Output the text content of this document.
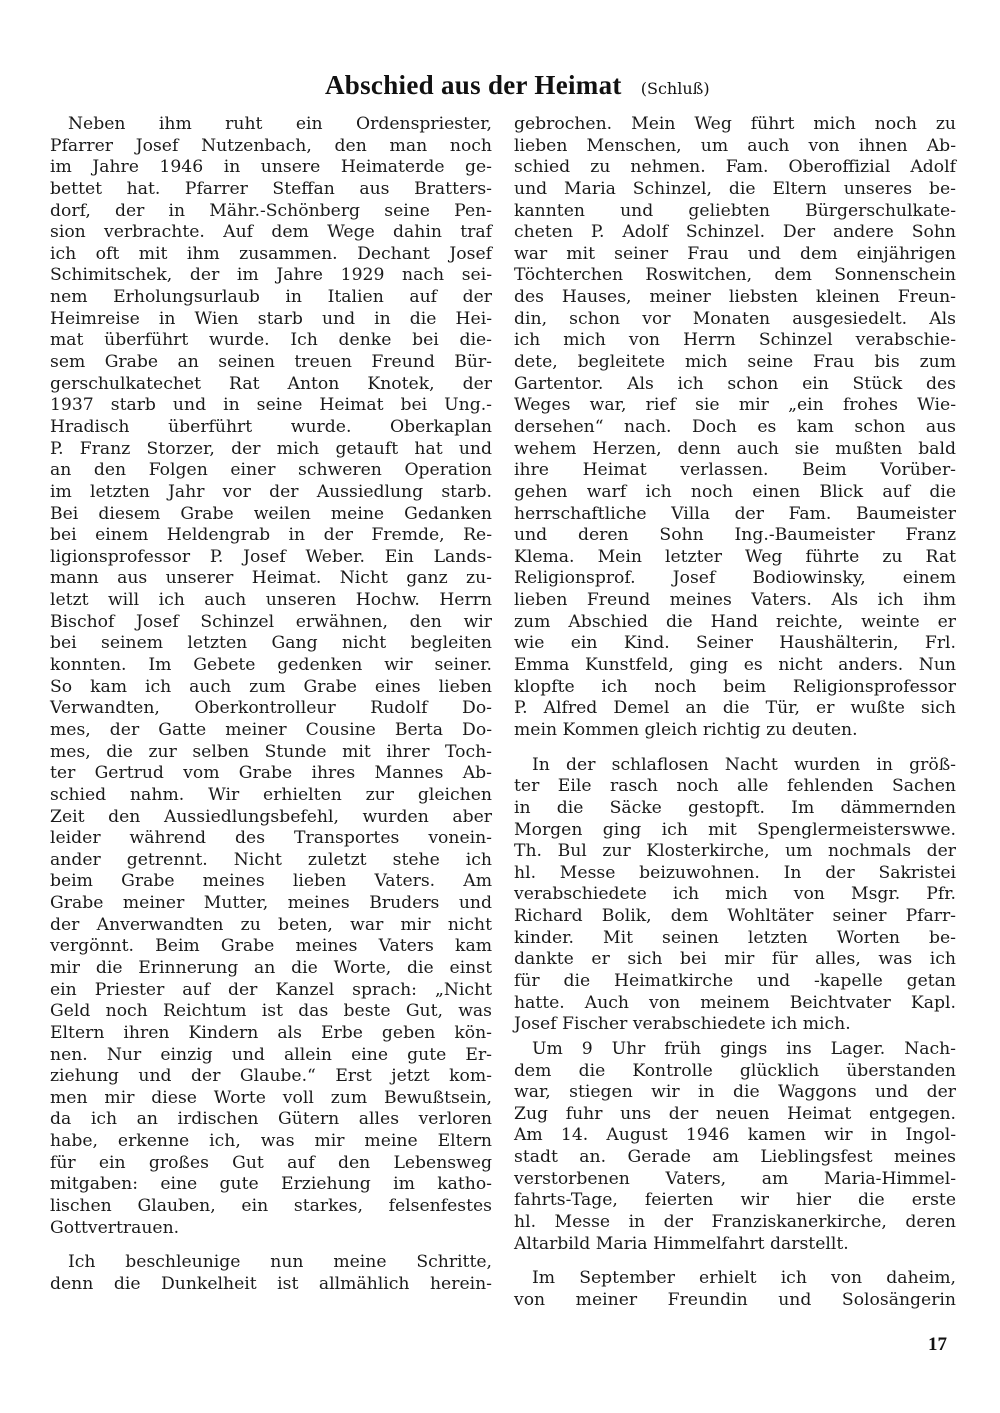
Abschied aus der Heimat (Schluß)
Neben ihm ruht ein Ordenspriester,
Pfarrer Josef Nutzenbach, den man noch
im Jahre 1946 in unsere Heimaterde ge-
bettet hat. Pfarrer Steffan aus Bratters-
dorf, der in Mähr.-Schönberg seine Pen-
sion verbrachte. Auf dem Wege dahin traf
ich oft mit ihm zusammen. Dechant Josef
Schimitschek, der im Jahre 1929 nach sei-
nem Erholungsurlaub in Italien auf der
Heimreise in Wien starb und in die Hei-
mat überführt wurde. Ich denke bei die-
sem Grabe an seinen treuen Freund Bür-
gerschulkatechet Rat Anton Knotek, der
1937 starb und in seine Heimat bei Ung.-
Hradisch überführt wurde. Oberkaplan
P. Franz Storzer, der mich getauft hat und
an den Folgen einer schweren Operation
im letzten Jahr vor der Aussiedlung starb.
Bei diesem Grabe weilen meine Gedanken
bei einem Heldengrab in der Fremde, Re-
ligionsprofessor P. Josef Weber. Ein Lands-
mann aus unserer Heimat. Nicht ganz zu-
letzt will ich auch unseren Hochw. Herrn
Bischof Josef Schinzel erwähnen, den wir
bei seinem letzten Gang nicht begleiten
konnten. Im Gebete gedenken wir seiner.
So kam ich auch zum Grabe eines lieben
Verwandten, Oberkontrolleur Rudolf Do-
mes, der Gatte meiner Cousine Berta Do-
mes, die zur selben Stunde mit ihrer Toch-
ter Gertrud vom Grabe ihres Mannes Ab-
schied nahm. Wir erhielten zur gleichen
Zeit den Aussiedlungsbefehl, wurden aber
leider während des Transportes vonein-
ander getrennt. Nicht zuletzt stehe ich
beim Grabe meines lieben Vaters. Am
Grabe meiner Mutter, meines Bruders und
der Anverwandten zu beten, war mir nicht
vergönnt. Beim Grabe meines Vaters kam
mir die Erinnerung an die Worte, die einst
ein Priester auf der Kanzel sprach: „Nicht
Geld noch Reichtum ist das beste Gut, was
Eltern ihren Kindern als Erbe geben kön-
nen. Nur einzig und allein eine gute Er-
ziehung und der Glaube.“ Erst jetzt kom-
men mir diese Worte voll zum Bewußtsein,
da ich an irdischen Gütern alles verloren
habe, erkenne ich, was mir meine Eltern
für ein großes Gut auf den Lebensweg
mitgaben: eine gute Erziehung im katho-
lischen Glauben, ein starkes, felsenfestes
Gottvertrauen.
Ich beschleunige nun meine Schritte,
denn die Dunkelheit ist allmählich herein-
gebrochen. Mein Weg führt mich noch zu
lieben Menschen, um auch von ihnen Ab-
schied zu nehmen. Fam. Oberoffizial Adolf
und Maria Schinzel, die Eltern unseres be-
kannten und geliebten Bürgerschulkate-
cheten P. Adolf Schinzel. Der andere Sohn
war mit seiner Frau und dem einjährigen
Töchterchen Roswitchen, dem Sonnenschein
des Hauses, meiner liebsten kleinen Freun-
din, schon vor Monaten ausgesiedelt. Als
ich mich von Herrn Schinzel verabschie-
dete, begleitete mich seine Frau bis zum
Gartentor. Als ich schon ein Stück des
Weges war, rief sie mir „ein frohes Wie-
dersehen“ nach. Doch es kam schon aus
wehem Herzen, denn auch sie mußten bald
ihre Heimat verlassen. Beim Vorüber-
gehen warf ich noch einen Blick auf die
herrschaftliche Villa der Fam. Baumeister
und deren Sohn Ing.-Baumeister Franz
Klema. Mein letzter Weg führte zu Rat
Religionsprof. Josef Bodiowinsky, einem
lieben Freund meines Vaters. Als ich ihm
zum Abschied die Hand reichte, weinte er
wie ein Kind. Seiner Haushälterin, Frl.
Emma Kunstfeld, ging es nicht anders. Nun
klopfte ich noch beim Religionsprofessor
P. Alfred Demel an die Tür, er wußte sich
mein Kommen gleich richtig zu deuten.
In der schlaflosen Nacht wurden in größ-
ter Eile rasch noch alle fehlenden Sachen
in die Säcke gestopft. Im dämmernden
Morgen ging ich mit Spenglermeisterswwe.
Th. Bul zur Klosterkirche, um nochmals der
hl. Messe beizuwohnen. In der Sakristei
verabschiedete ich mich von Msgr. Pfr.
Richard Bolik, dem Wohltäter seiner Pfarr-
kinder. Mit seinen letzten Worten be-
dankte er sich bei mir für alles, was ich
für die Heimatkirche und -kapelle getan
hatte. Auch von meinem Beichtvater Kapl.
Josef Fischer verabschiedete ich mich.
Um 9 Uhr früh gings ins Lager. Nach-
dem die Kontrolle glücklich überstanden
war, stiegen wir in die Waggons und der
Zug fuhr uns der neuen Heimat entgegen.
Am 14. August 1946 kamen wir in Ingol-
stadt an. Gerade am Lieblingsfest meines
verstorbenen Vaters, am Maria-Himmel-
fahrts-Tage, feierten wir hier die erste
hl. Messe in der Franziskanerkirche, deren
Altarbild Maria Himmelfahrt darstellt.
Im September erhielt ich von daheim,
von meiner Freundin und Solosängerin
17
